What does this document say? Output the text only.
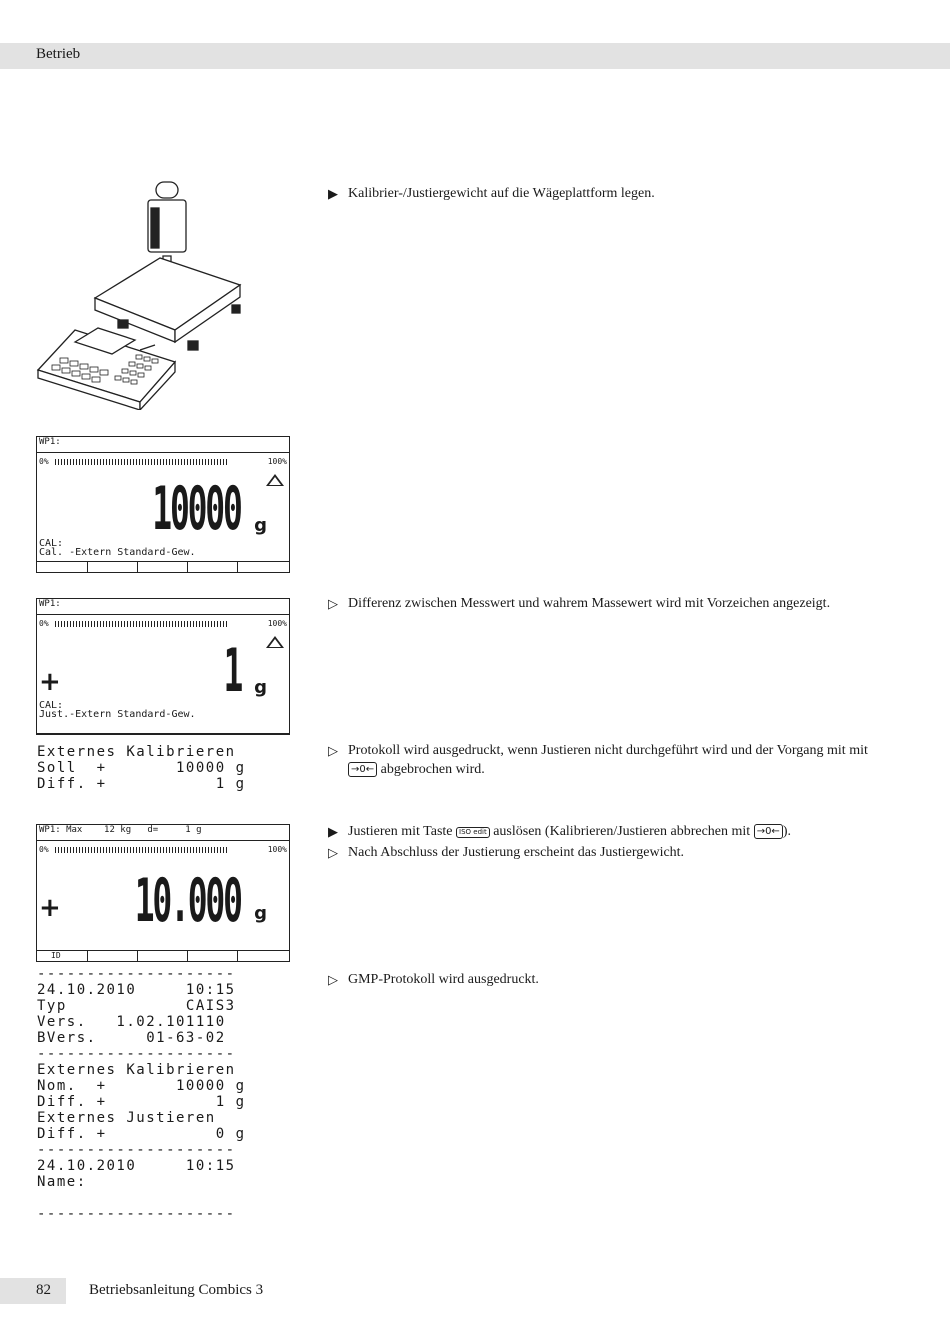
Betrieb
▶ Kalibrier-/Justiergewicht auf die Wägeplattform legen.
▷ Differenz zwischen Messwert und wahrem Massewert wird mit Vorzeichen angezeigt.
▷ Protokoll wird ausgedruckt, wenn Justieren nicht durchgeführt wird und der Vorgang mit mit →0← abgebrochen wird.
▶ Justieren mit Taste ISO edit auslösen (Kalibrieren/Justieren abbrechen mit →0← ).
▷ Nach Abschluss der Justierung erscheint das Justiergewicht.
▷ GMP-Protokoll wird ausgedruckt.
WP1:
0%	100%
10000 g
CAL:
Cal. -Extern Standard-Gew.
WP1:
0%	100%
+	1 g
CAL:
Just.-Extern Standard-Gew.
Externes Kalibrieren
Soll  +       10000 g
Diff. +           1 g
WP1: Max    12 kg   d=     1 g
0%	100%
+ 10.000 g
ID
--------------------
24.10.2010     10:15
Typ            CAIS3
Vers.   1.02.101110
BVers.     01-63-02
--------------------
Externes Kalibrieren
Nom.  +       10000 g
Diff. +           1 g
Externes Justieren
Diff. +           0 g
--------------------
24.10.2010     10:15
Name:

--------------------
82	Betriebsanleitung Combics 3
